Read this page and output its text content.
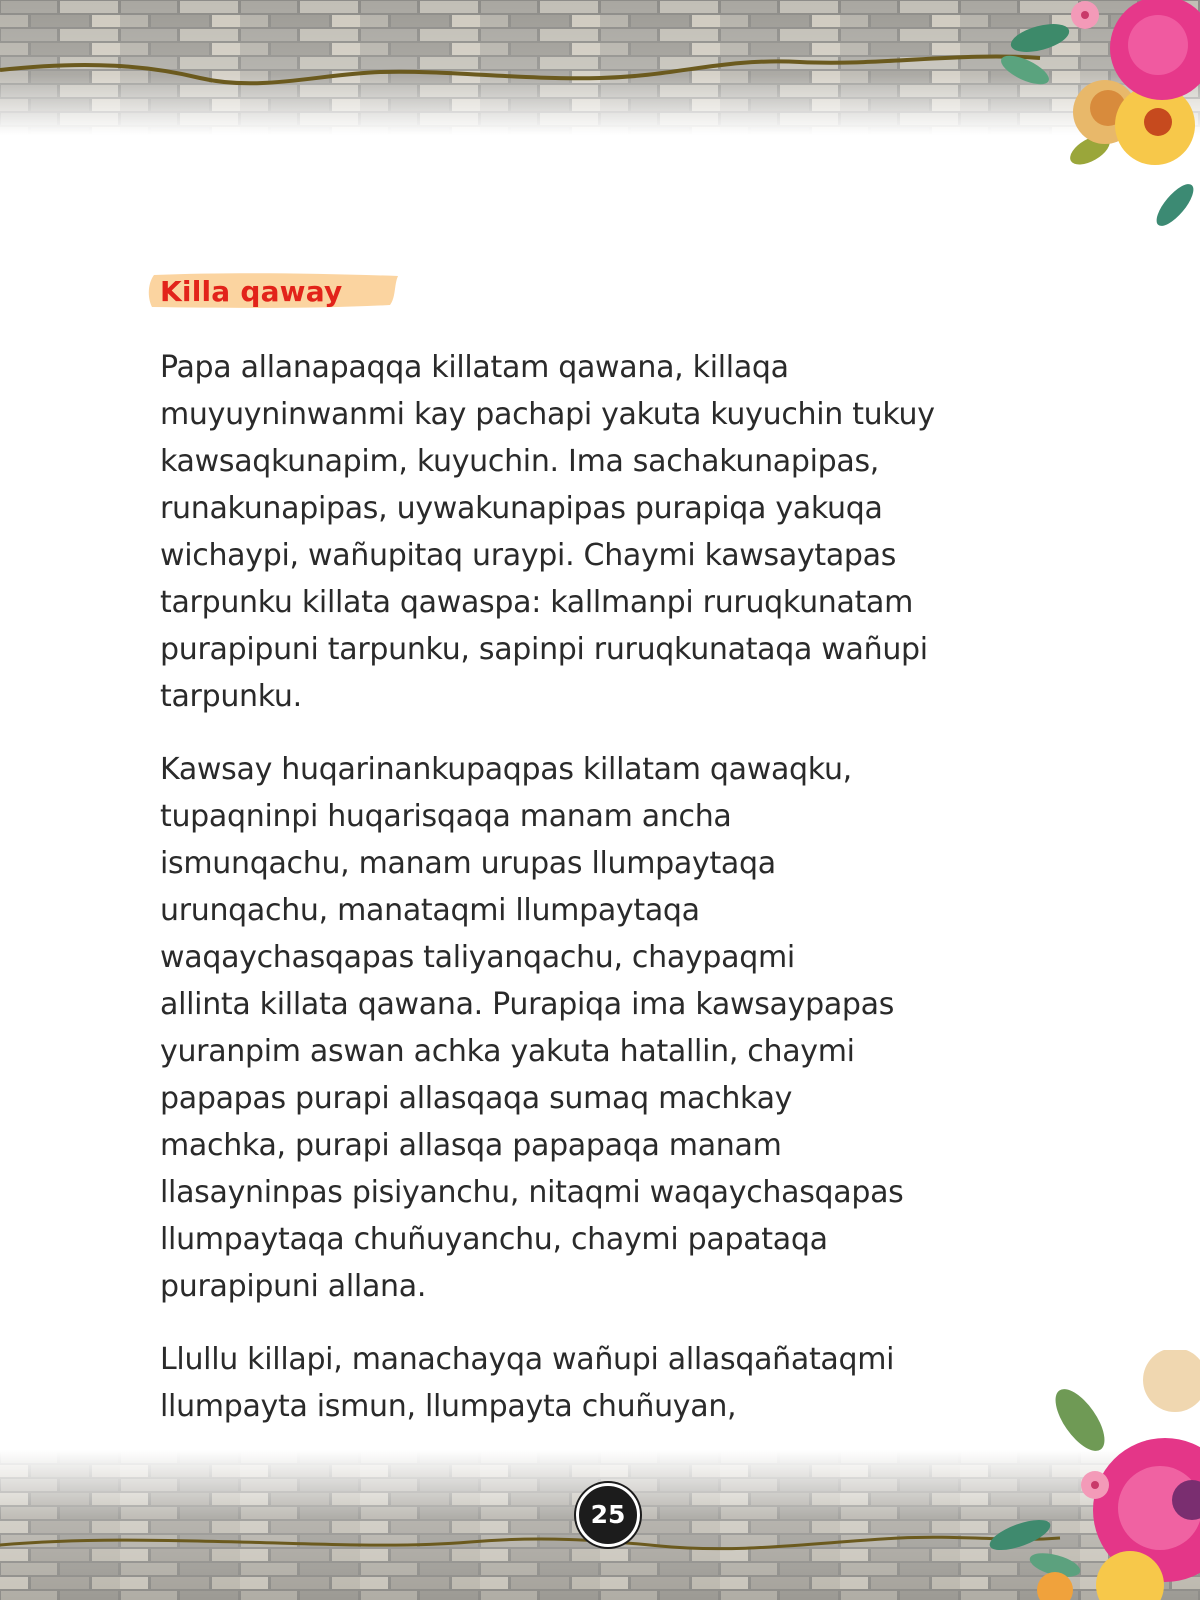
Killa qaway

Papa allanapaqqa killatam qawana, killaqa
muyuyninwanmi kay pachapi yakuta kuyuchin tukuy
kawsaqkunapim, kuyuchin. Ima sachakunapipas,
runakunapipas, uywakunapipas purapiqa yakuqa
wichaypi, wañupitaq uraypi. Chaymi kawsaytapas
tarpunku killata qawaspa: kallmanpi ruruqkunatam
purapipuni tarpunku, sapinpi ruruqkunataqa wañupi
tarpunku.

Kawsay huqarinankupaqpas killatam qawaqku,
tupaqninpi huqarisqaqa manam ancha
ismunqachu, manam urupas llumpaytaqa
urunqachu, manataqmi llumpaytaqa
waqaychasqapas taliyanqachu, chaypaqmi
allinta killata qawana. Purapiqa ima kawsaypapas
yuranpim aswan achka yakuta hatallin, chaymi
papapas purapi allasqaqa sumaq machkay
machka, purapi allasqa papapaqa manam
llasayninpas pisiyanchu, nitaqmi waqaychasqapas
llumpaytaqa chuñuyanchu, chaymi papataqa
purapipuni allana.

Llullu killapi, manachayqa wañupi allasqañataqmi
llumpayta ismun, llumpayta chuñuyan,

25
